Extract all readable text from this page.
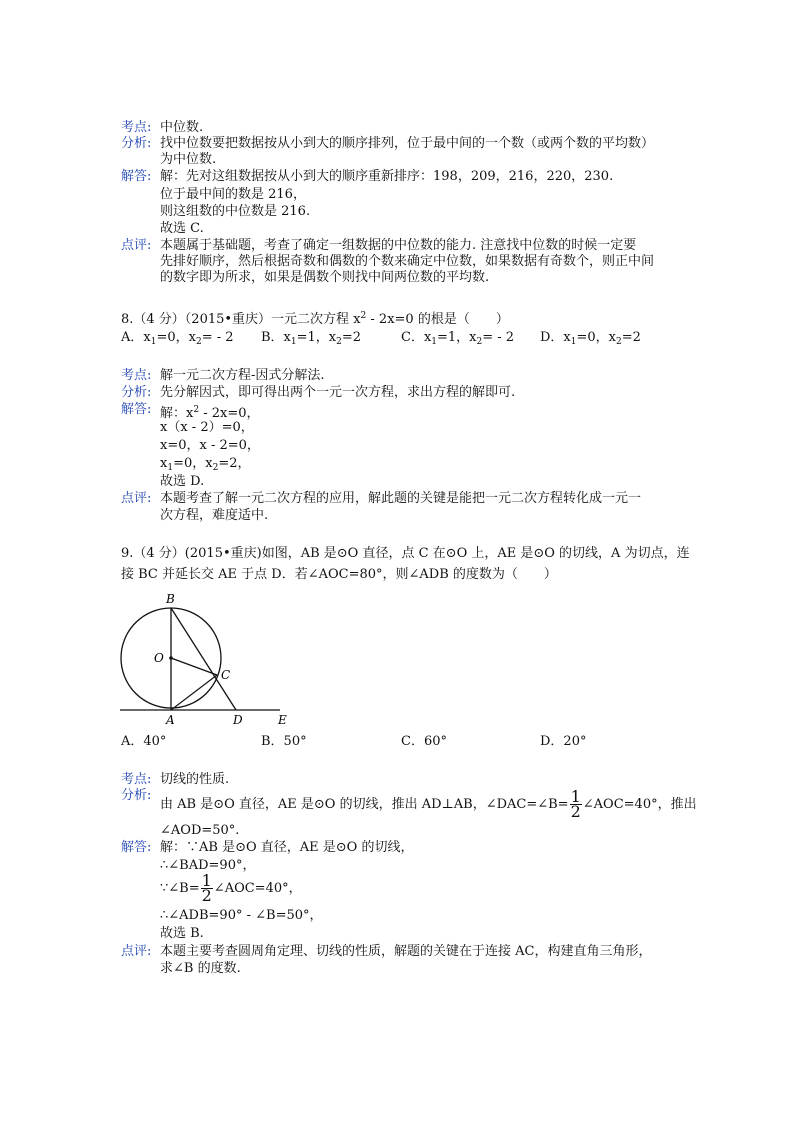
考点: 中位数.
分析: 找中位数要把数据按从小到大的顺序排列，位于最中间的一个数（或两个数的平均数）
为中位数.
解答: 解：先对这组数据按从小到大的顺序重新排序：198，209，216，220，230.
位于最中间的数是 216，
则这组数的中位数是 216.
故选 C.
点评: 本题属于基础题，考查了确定一组数据的中位数的能力. 注意找中位数的时候一定要
先排好顺序，然后根据奇数和偶数的个数来确定中位数，如果数据有奇数个，则正中间
的数字即为所求，如果是偶数个则找中间两位数的平均数.
8.（4 分）（2015•重庆）一元二次方程 $x^2 - 2x=0$ 的根是（　　）
A．$x_1=0$，$x_2= - 2$ B．$x_1=1$，$x_2=2$	C．$x_1=1$，$x_2= - 2$ D．$x_1=0$，$x_2=2$
考点: 解一元二次方程-因式分解法.
分析: 先分解因式，即可得出两个一元一次方程，求出方程的解即可.
解答: 解：$x^2 - 2x=0$，
x（x - 2）=0，
x=0，x - 2=0，
$x_1=0$，$x_2=2$，
故选 D.
点评: 本题考查了解一元二次方程的应用，解此题的关键是能把一元二次方程转化成一元一
次方程，难度适中.
9.（4 分）(2015•重庆)如图，AB 是⊙O 直径，点 C 在⊙O 上，AE 是⊙O 的切线，A 为切点，连
接 BC 并延长交 AE 于点 D．若∠AOC=80°，则∠ADB 的度数为（　　）
B
O
C
A	D	E
A．40°	B．50°	C．60°	D．20°
考点: 切线的性质.
分析:
由 AB 是⊙O 直径，AE 是⊙O 的切线，推出 AD⊥AB，∠DAC=∠B= $\frac{1}{2}$ ∠AOC=40°，推出
∠AOD=50°.
解答: 解：∵AB 是⊙O 直径，AE 是⊙O 的切线，
∴∠BAD=90°，
∵∠B= $\frac{1}{2}$ ∠AOC=40°，
∴∠ADB=90° - ∠B=50°，
故选 B.
点评: 本题主要考查圆周角定理、切线的性质，解题的关键在于连接 AC，构建直角三角形，
求∠B 的度数.
